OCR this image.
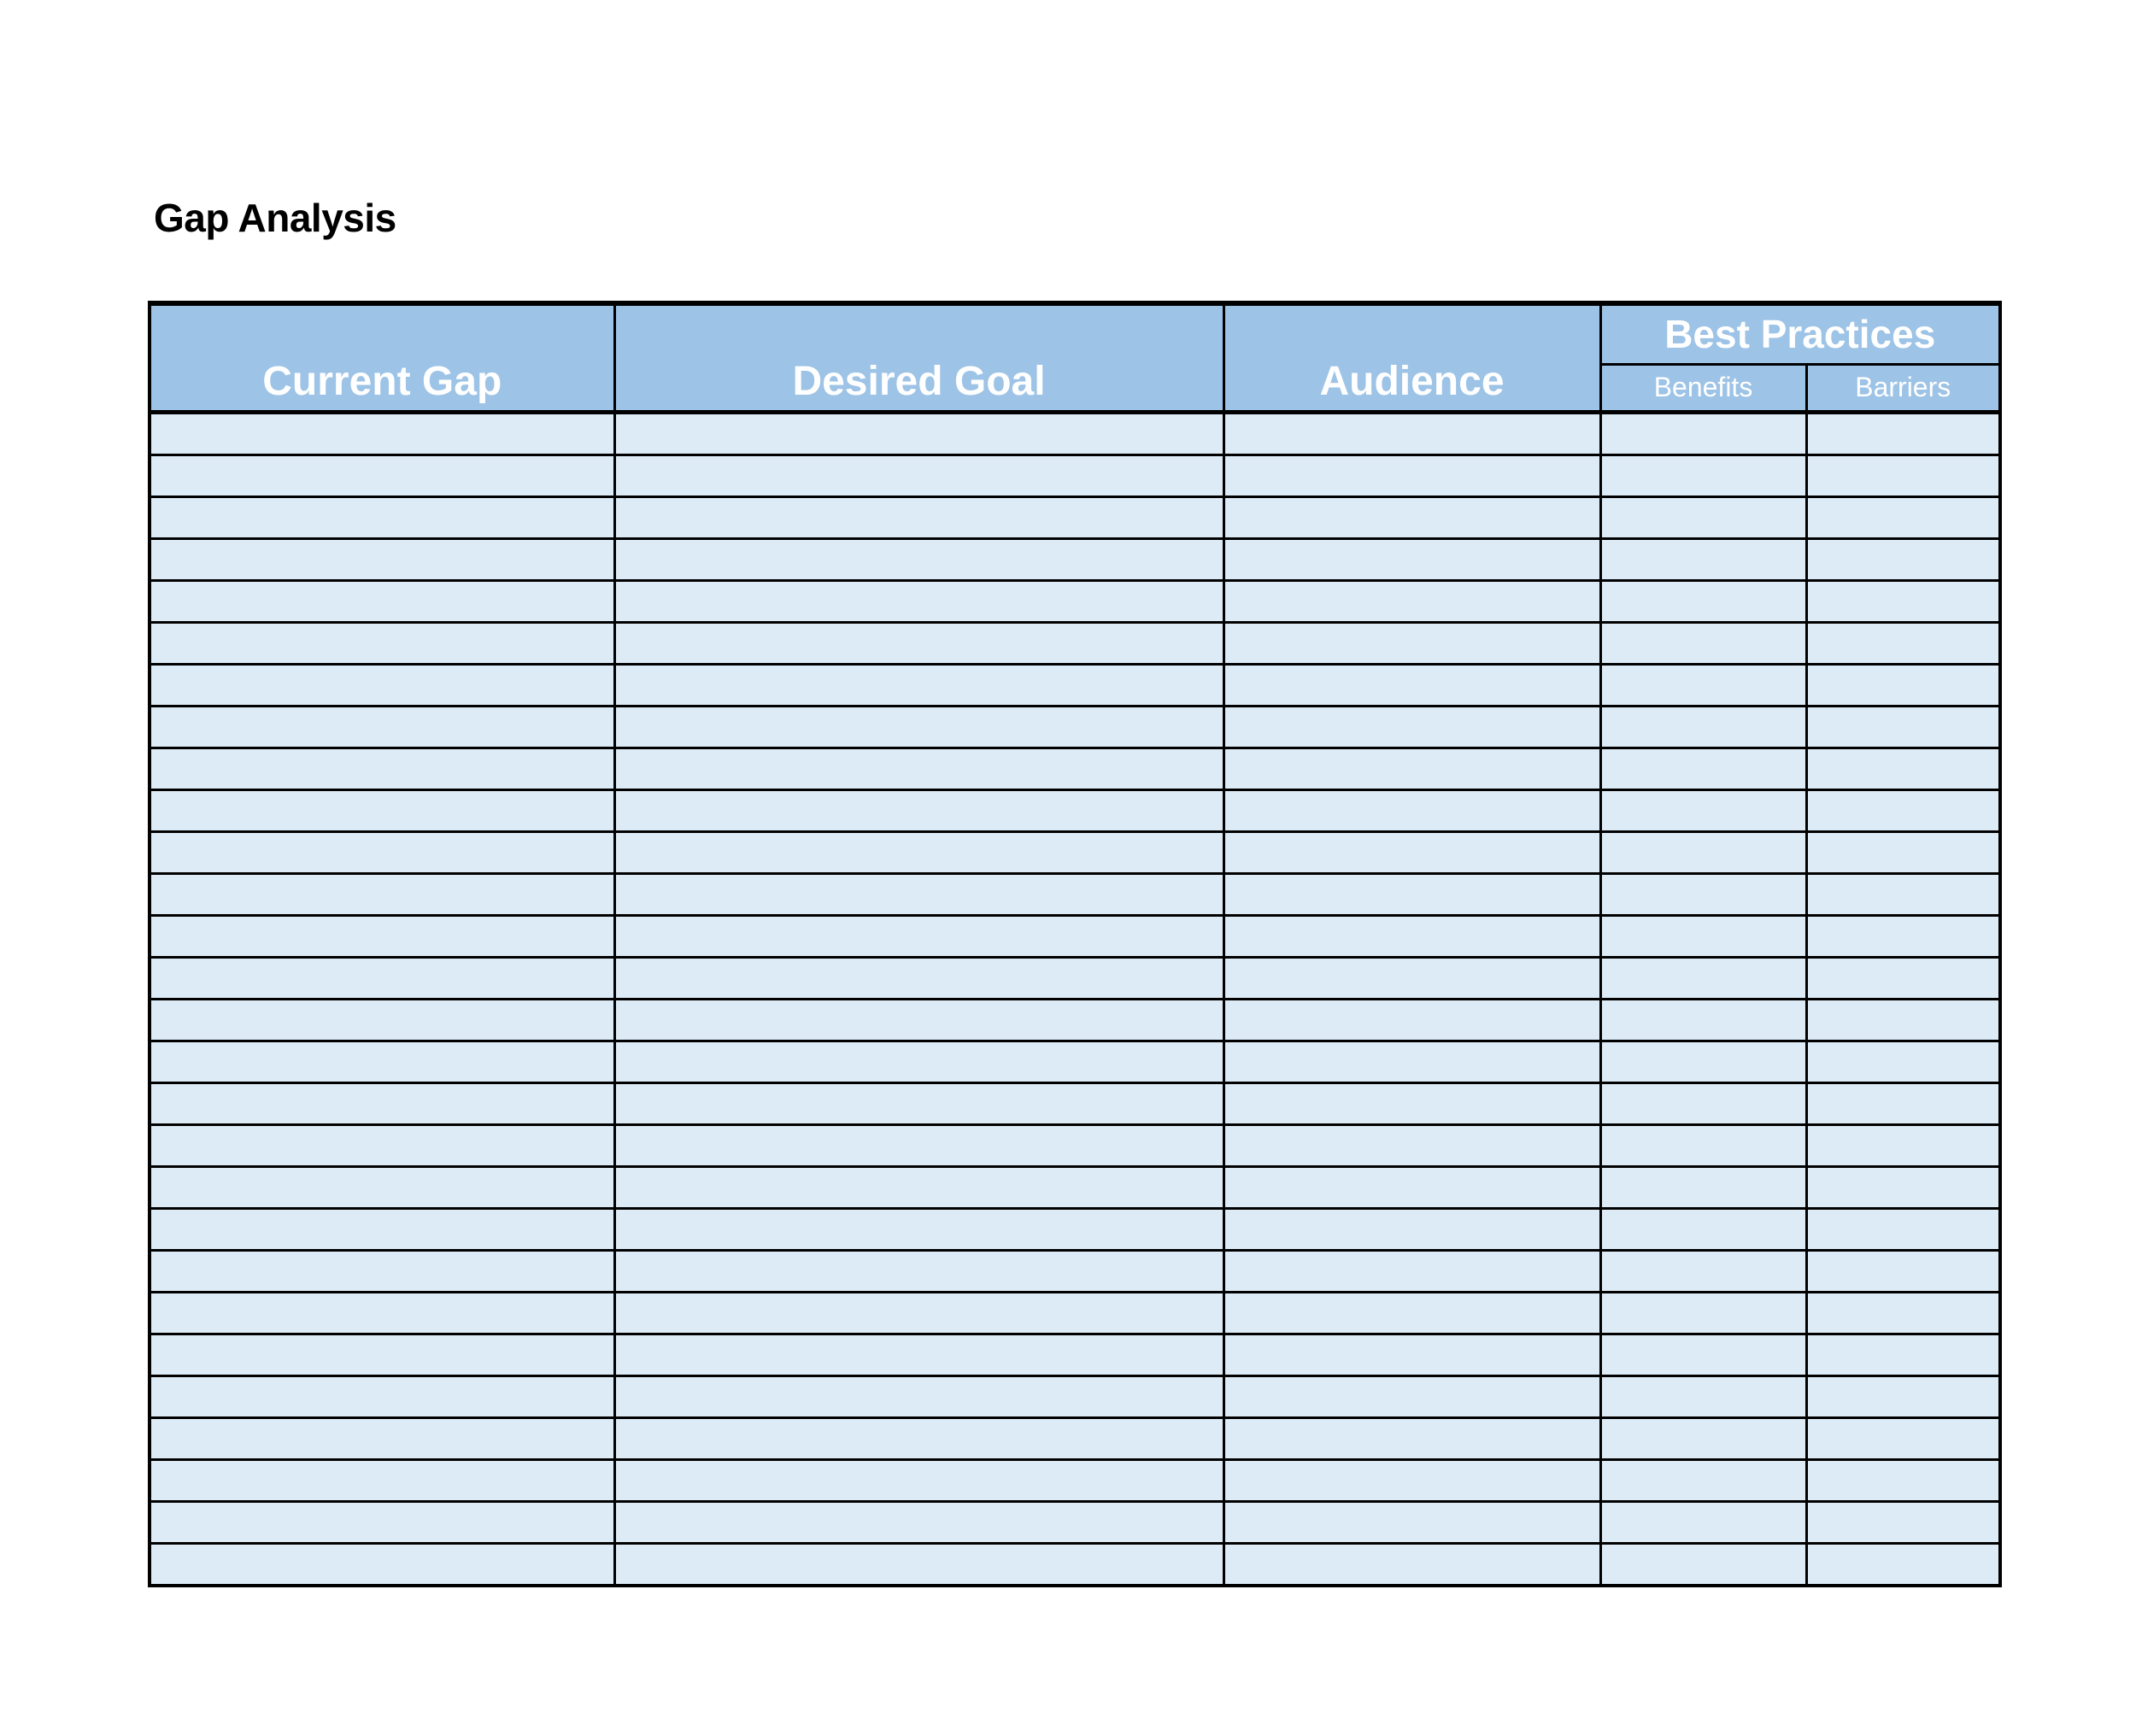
Gap Analysis
Current Gap	Desired Goal	Audience	Best Practices	
			Benefits	Barriers
